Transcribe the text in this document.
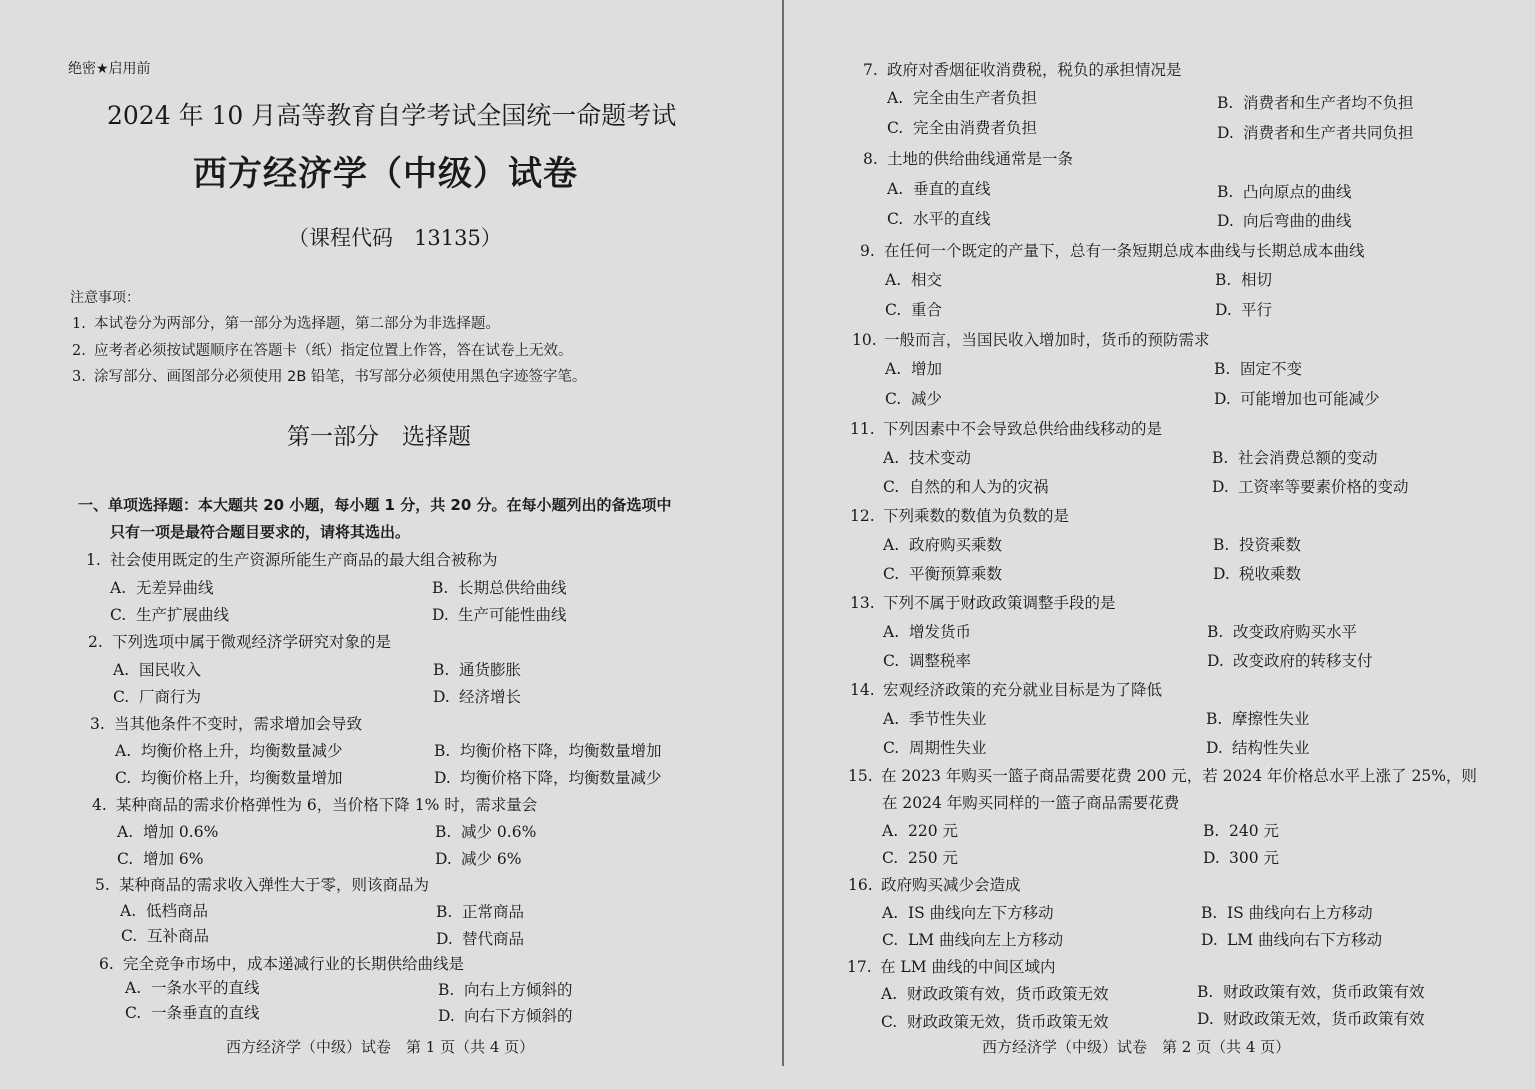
绝密★启用前
2024 年 10 月高等教育自学考试全国统一命题考试
西方经济学（中级）试卷
（课程代码　13135）
注意事项：
1. 本试卷分为两部分，第一部分为选择题，第二部分为非选择题。
2. 应考者必须按试题顺序在答题卡（纸）指定位置上作答，答在试卷上无效。
3. 涂写部分、画图部分必须使用 2B 铅笔，书写部分必须使用黑色字迹签字笔。
第一部分　选择题
一、单项选择题：本大题共 20 小题，每小题 1 分，共 20 分。在每小题列出的备选项中
只有一项是最符合题目要求的，请将其选出。
1. 社会使用既定的生产资源所能生产商品的最大组合被称为
A. 无差异曲线	B. 长期总供给曲线
C. 生产扩展曲线	D. 生产可能性曲线
2. 下列选项中属于微观经济学研究对象的是
A. 国民收入	B. 通货膨胀
C. 厂商行为	D. 经济增长
3. 当其他条件不变时，需求增加会导致
A. 均衡价格上升，均衡数量减少	B. 均衡价格下降，均衡数量增加
C. 均衡价格上升，均衡数量增加	D. 均衡价格下降，均衡数量减少
4. 某种商品的需求价格弹性为 6，当价格下降 1% 时，需求量会
A. 增加 0.6%	B. 减少 0.6%
C. 增加 6%	D. 减少 6%
5. 某种商品的需求收入弹性大于零，则该商品为
A. 低档商品	B. 正常商品
C. 互补商品	D. 替代商品
6. 完全竞争市场中，成本递减行业的长期供给曲线是
A. 一条水平的直线	B. 向右上方倾斜的
C. 一条垂直的直线	D. 向右下方倾斜的
西方经济学（中级）试卷　第 1 页（共 4 页）
7. 政府对香烟征收消费税，税负的承担情况是
A. 完全由生产者负担	B. 消费者和生产者均不负担
C. 完全由消费者负担	D. 消费者和生产者共同负担
8. 土地的供给曲线通常是一条
A. 垂直的直线	B. 凸向原点的曲线
C. 水平的直线	D. 向后弯曲的曲线
9. 在任何一个既定的产量下，总有一条短期总成本曲线与长期总成本曲线
A. 相交	B. 相切
C. 重合	D. 平行
10. 一般而言，当国民收入增加时，货币的预防需求
A. 增加	B. 固定不变
C. 减少	D. 可能增加也可能减少
11. 下列因素中不会导致总供给曲线移动的是
A. 技术变动	B. 社会消费总额的变动
C. 自然的和人为的灾祸	D. 工资率等要素价格的变动
12. 下列乘数的数值为负数的是
A. 政府购买乘数	B. 投资乘数
C. 平衡预算乘数	D. 税收乘数
13. 下列不属于财政政策调整手段的是
A. 增发货币	B. 改变政府购买水平
C. 调整税率	D. 改变政府的转移支付
14. 宏观经济政策的充分就业目标是为了降低
A. 季节性失业	B. 摩擦性失业
C. 周期性失业	D. 结构性失业
15. 在 2023 年购买一篮子商品需要花费 200 元，若 2024 年价格总水平上涨了 25%，则
在 2024 年购买同样的一篮子商品需要花费
A. 220 元	B. 240 元
C. 250 元	D. 300 元
16. 政府购买减少会造成
A. IS 曲线向左下方移动	B. IS 曲线向右上方移动
C. LM 曲线向左上方移动	D. LM 曲线向右下方移动
17. 在 LM 曲线的中间区域内
A. 财政政策有效，货币政策无效	B. 财政政策有效，货币政策有效
C. 财政政策无效，货币政策无效	D. 财政政策无效，货币政策有效
西方经济学（中级）试卷　第 2 页（共 4 页）
